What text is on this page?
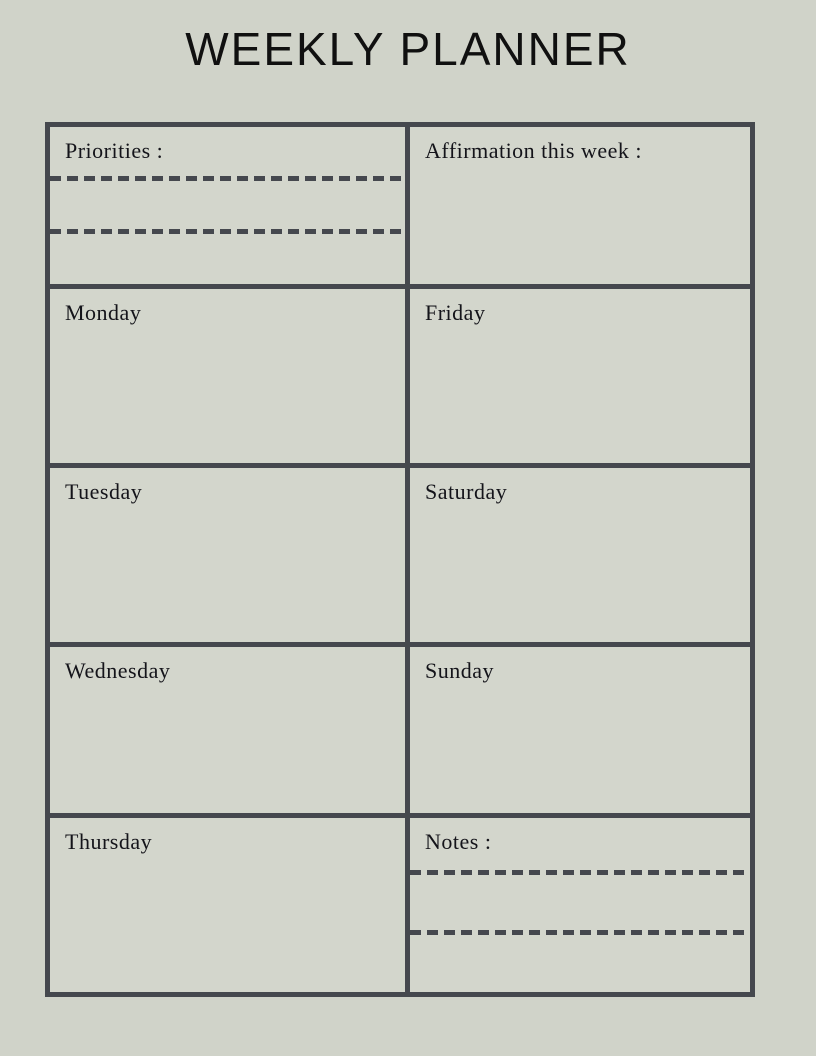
WEEKLY PLANNER
Priorities :	Affirmation this week :
Monday	Friday
Tuesday	Saturday
Wednesday	Sunday
Thursday	Notes :
